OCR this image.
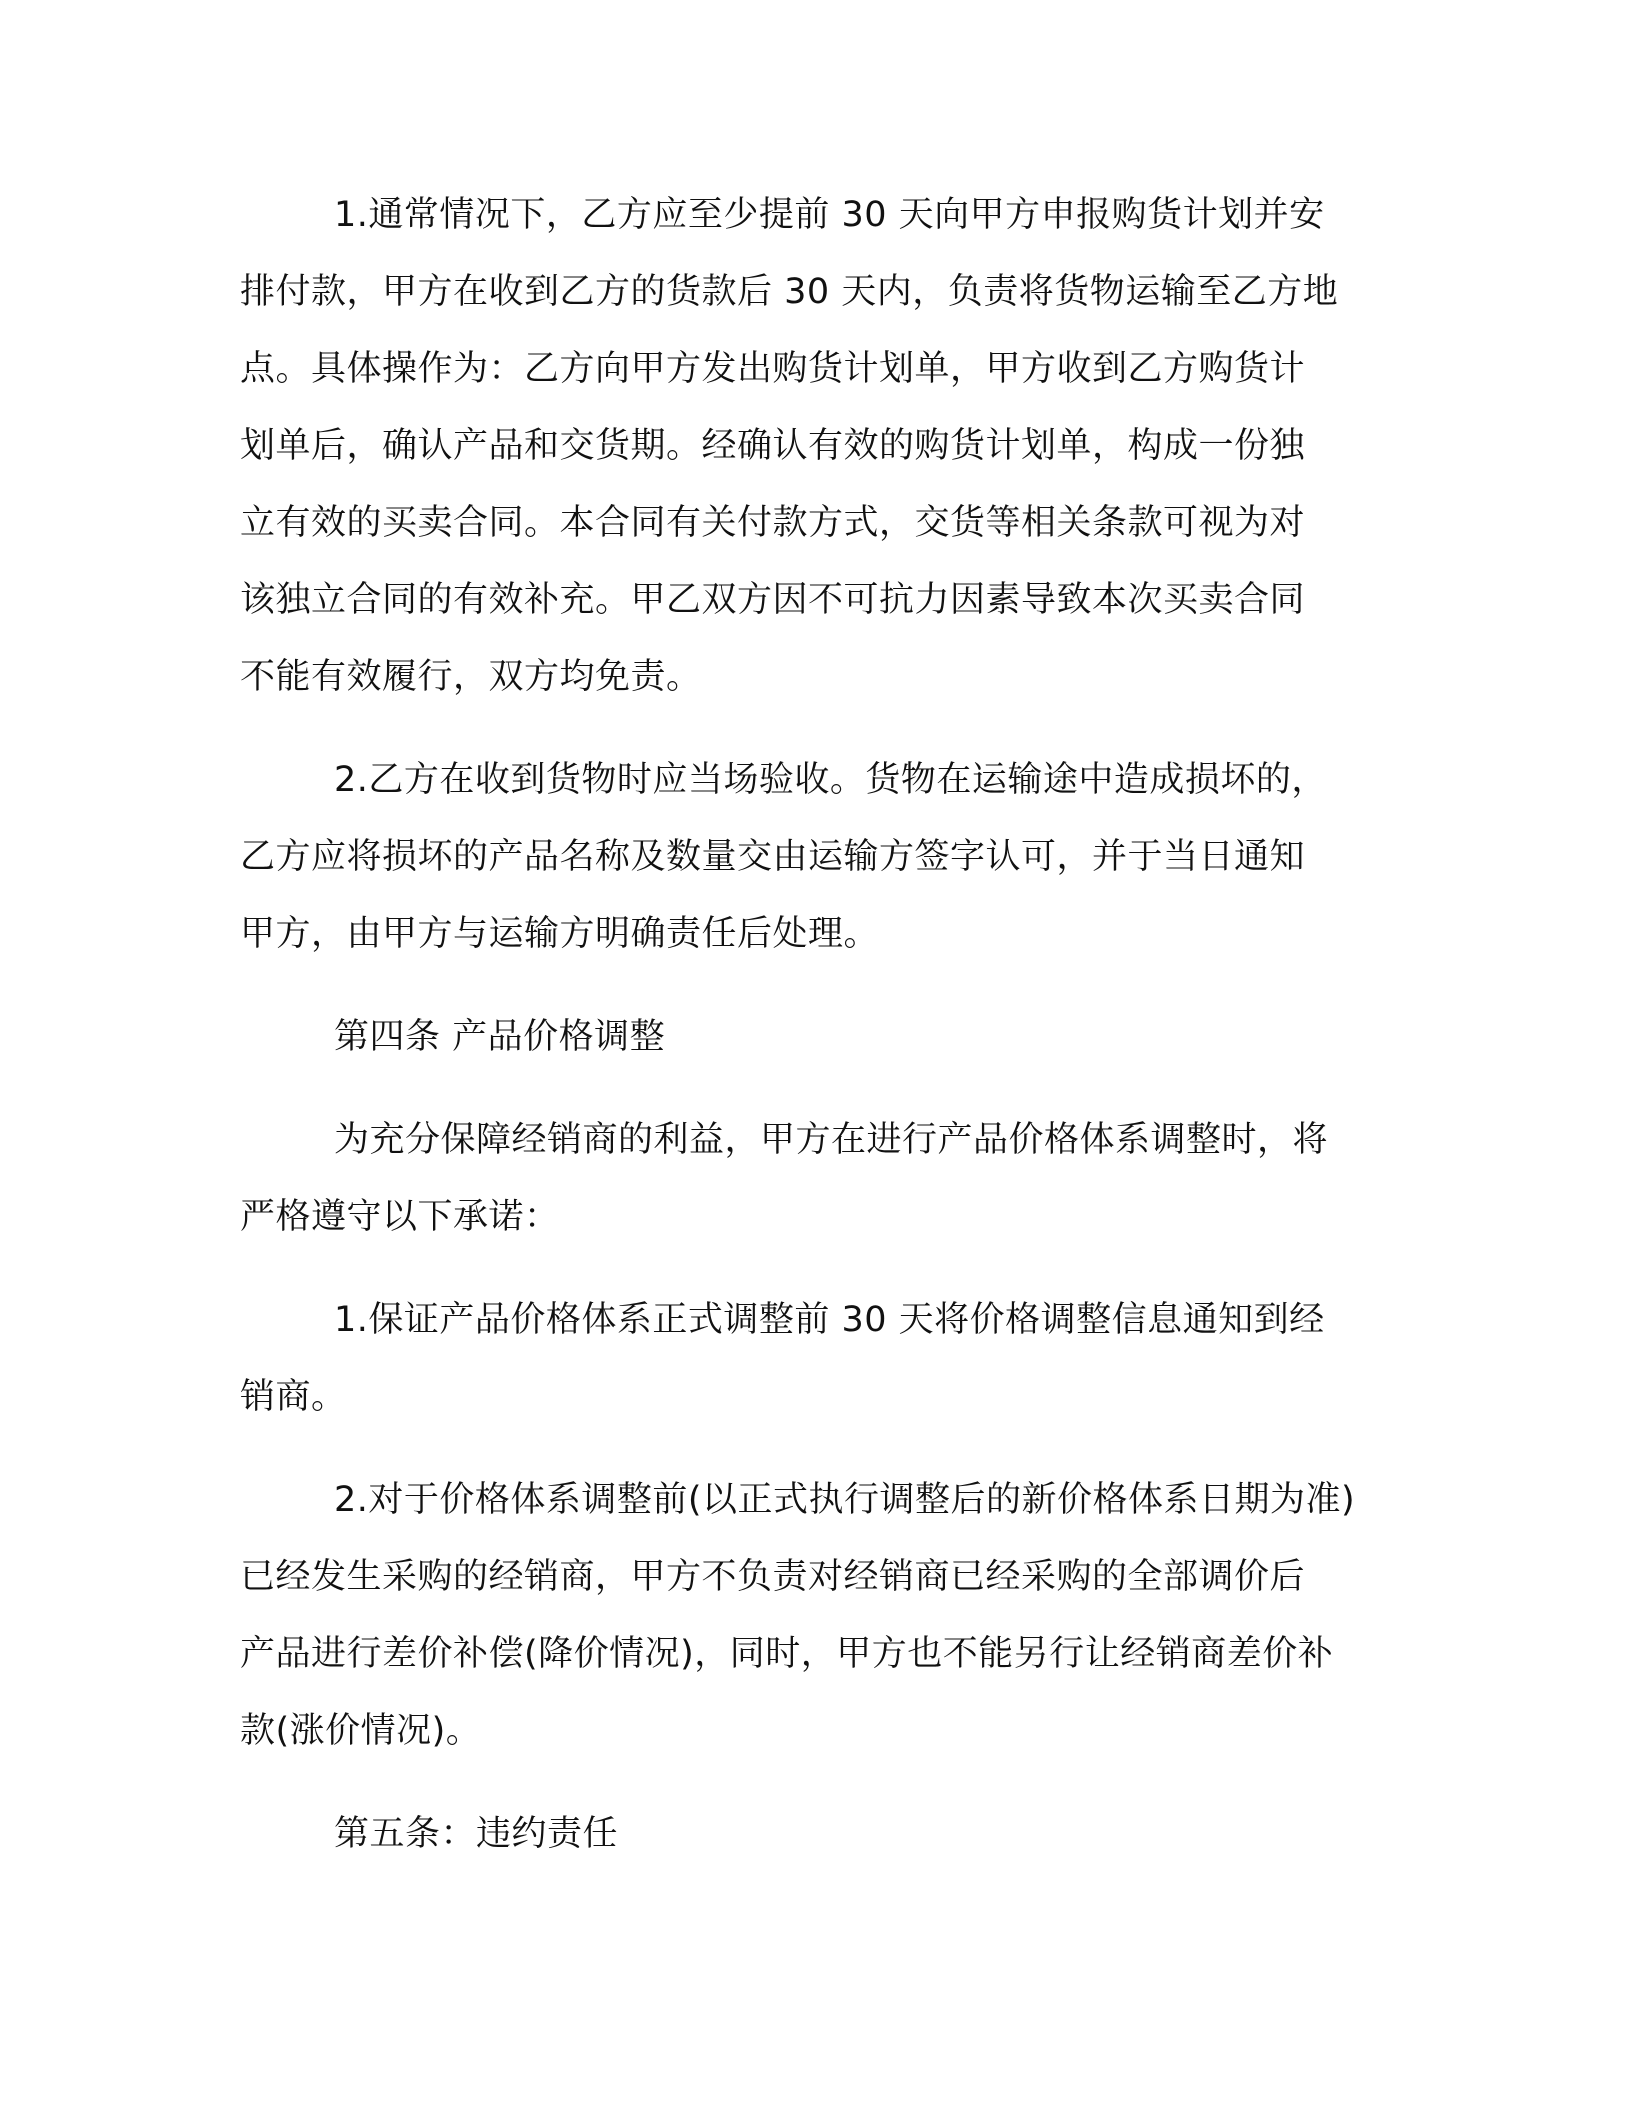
1.通常情况下，乙方应至少提前 30 天向甲方申报购货计划并安
排付款，甲方在收到乙方的货款后 30 天内，负责将货物运输至乙方地
点。具体操作为：乙方向甲方发出购货计划单，甲方收到乙方购货计
划单后，确认产品和交货期。经确认有效的购货计划单，构成一份独
立有效的买卖合同。本合同有关付款方式，交货等相关条款可视为对
该独立合同的有效补充。甲乙双方因不可抗力因素导致本次买卖合同
不能有效履行，双方均免责。
2.乙方在收到货物时应当场验收。货物在运输途中造成损坏的，
乙方应将损坏的产品名称及数量交由运输方签字认可，并于当日通知
甲方，由甲方与运输方明确责任后处理。
第四条 产品价格调整
为充分保障经销商的利益，甲方在进行产品价格体系调整时，将
严格遵守以下承诺：
1.保证产品价格体系正式调整前 30 天将价格调整信息通知到经
销商。
2.对于价格体系调整前(以正式执行调整后的新价格体系日期为准)
已经发生采购的经销商，甲方不负责对经销商已经采购的全部调价后
产品进行差价补偿(降价情况)，同时，甲方也不能另行让经销商差价补
款(涨价情况)。
第五条：违约责任
